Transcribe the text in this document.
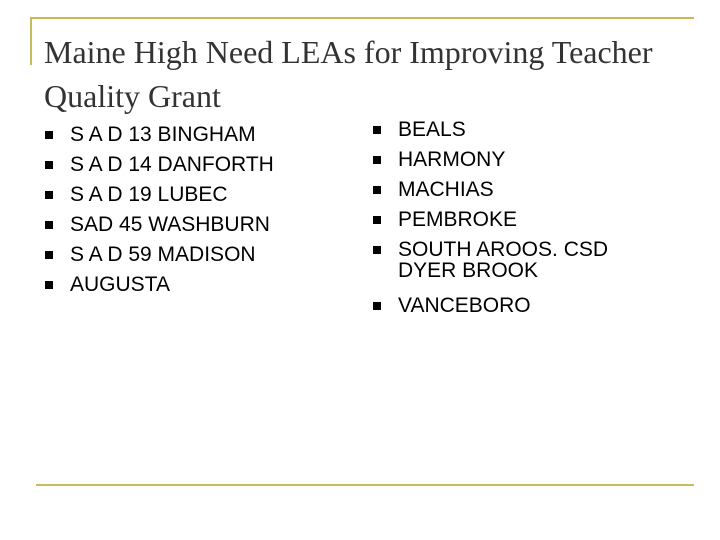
Maine High Need LEAs for Improving Teacher Quality Grant
S A D 13 BINGHAM
S A D 14 DANFORTH
S A D 19 LUBEC
SAD 45 WASHBURN
S A D 59 MADISON
AUGUSTA
BEALS
HARMONY
MACHIAS
PEMBROKE
SOUTH AROOS. CSD
DYER BROOK
VANCEBORO
